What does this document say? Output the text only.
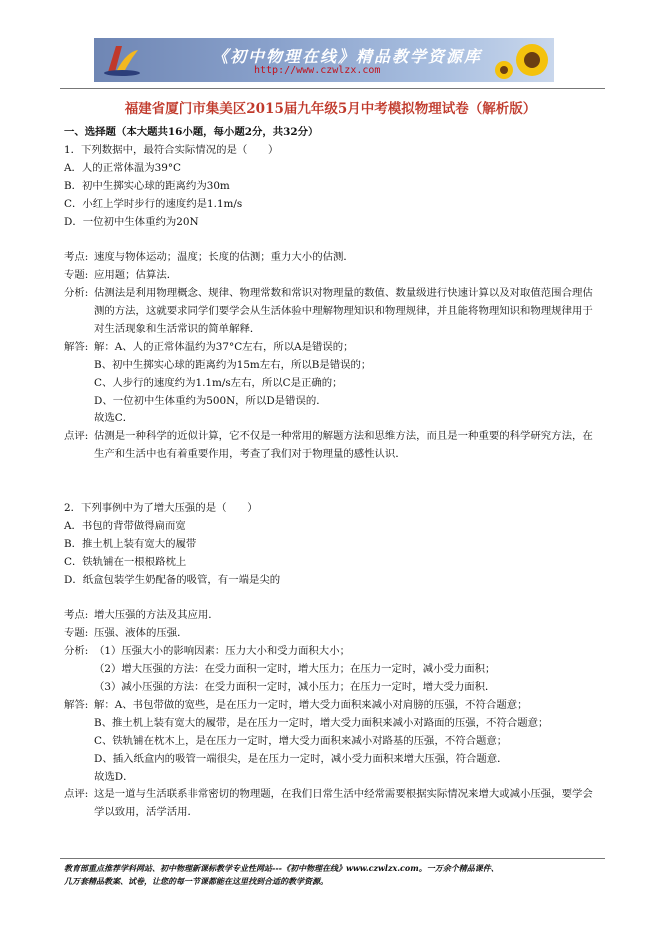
《初中物理在线》精品教学资源库
http://www.czwlzx.com
福建省厦门市集美区2015届九年级5月中考模拟物理试卷（解析版）
一、选择题（本大题共16小题，每小题2分，共32分）
1．下列数据中，最符合实际情况的是（　　）
A．人的正常体温为39°C
B．初中生掷实心球的距离约为30m
C．小红上学时步行的速度约是1.1m/s
D．一位初中生体重约为20N
考点: 速度与物体运动；温度；长度的估测；重力大小的估测．
专题: 应用题；估算法．
分析: 估测法是利用物理概念、规律、物理常数和常识对物理量的数值、数量级进行快速计算以及对取值范围合理估测的方法，这就要求同学们要学会从生活体验中理解物理知识和物理规律，并且能将物理知识和物理规律用于对生活现象和生活常识的简单解释．
解答: 解：A、人的正常体温约为37°C左右，所以A是错误的；
B、初中生掷实心球的距离约为15m左右，所以B是错误的；
C、人步行的速度约为1.1m/s左右，所以C是正确的；
D、一位初中生体重约为500N，所以D是错误的．
故选C．
点评: 估测是一种科学的近似计算，它不仅是一种常用的解题方法和思维方法，而且是一种重要的科学研究方法，在生产和生活中也有着重要作用，考查了我们对于物理量的感性认识．
2．下列事例中为了增大压强的是（　　）
A．书包的背带做得扁而宽
B．推土机上装有宽大的履带
C．铁轨铺在一根根路枕上
D．纸盒包装学生奶配备的吸管，有一端是尖的
考点: 增大压强的方法及其应用．
专题: 压强、液体的压强．
分析: （1）压强大小的影响因素：压力大小和受力面积大小；
（2）增大压强的方法：在受力面积一定时，增大压力；在压力一定时，减小受力面积；
（3）减小压强的方法：在受力面积一定时，减小压力；在压力一定时，增大受力面积．
解答: 解：A、书包带做的宽些，是在压力一定时，增大受力面积来减小对肩膀的压强，不符合题意；
B、推土机上装有宽大的履带，是在压力一定时，增大受力面积来减小对路面的压强，不符合题意；
C、铁轨铺在枕木上，是在压力一定时，增大受力面积来减小对路基的压强，不符合题意；
D、插入纸盒内的吸管一端很尖，是在压力一定时，减小受力面积来增大压强，符合题意．
故选D．
点评: 这是一道与生活联系非常密切的物理题，在我们日常生活中经常需要根据实际情况来增大或减小压强，要学会学以致用，活学活用．
教育部重点推荐学科网站、初中物理新课标教学专业性网站---《初中物理在线》www.czwlzx.com。一万余个精品课件、
几万套精品教案、试卷，让您的每一节课都能在这里找到合适的教学资源。
